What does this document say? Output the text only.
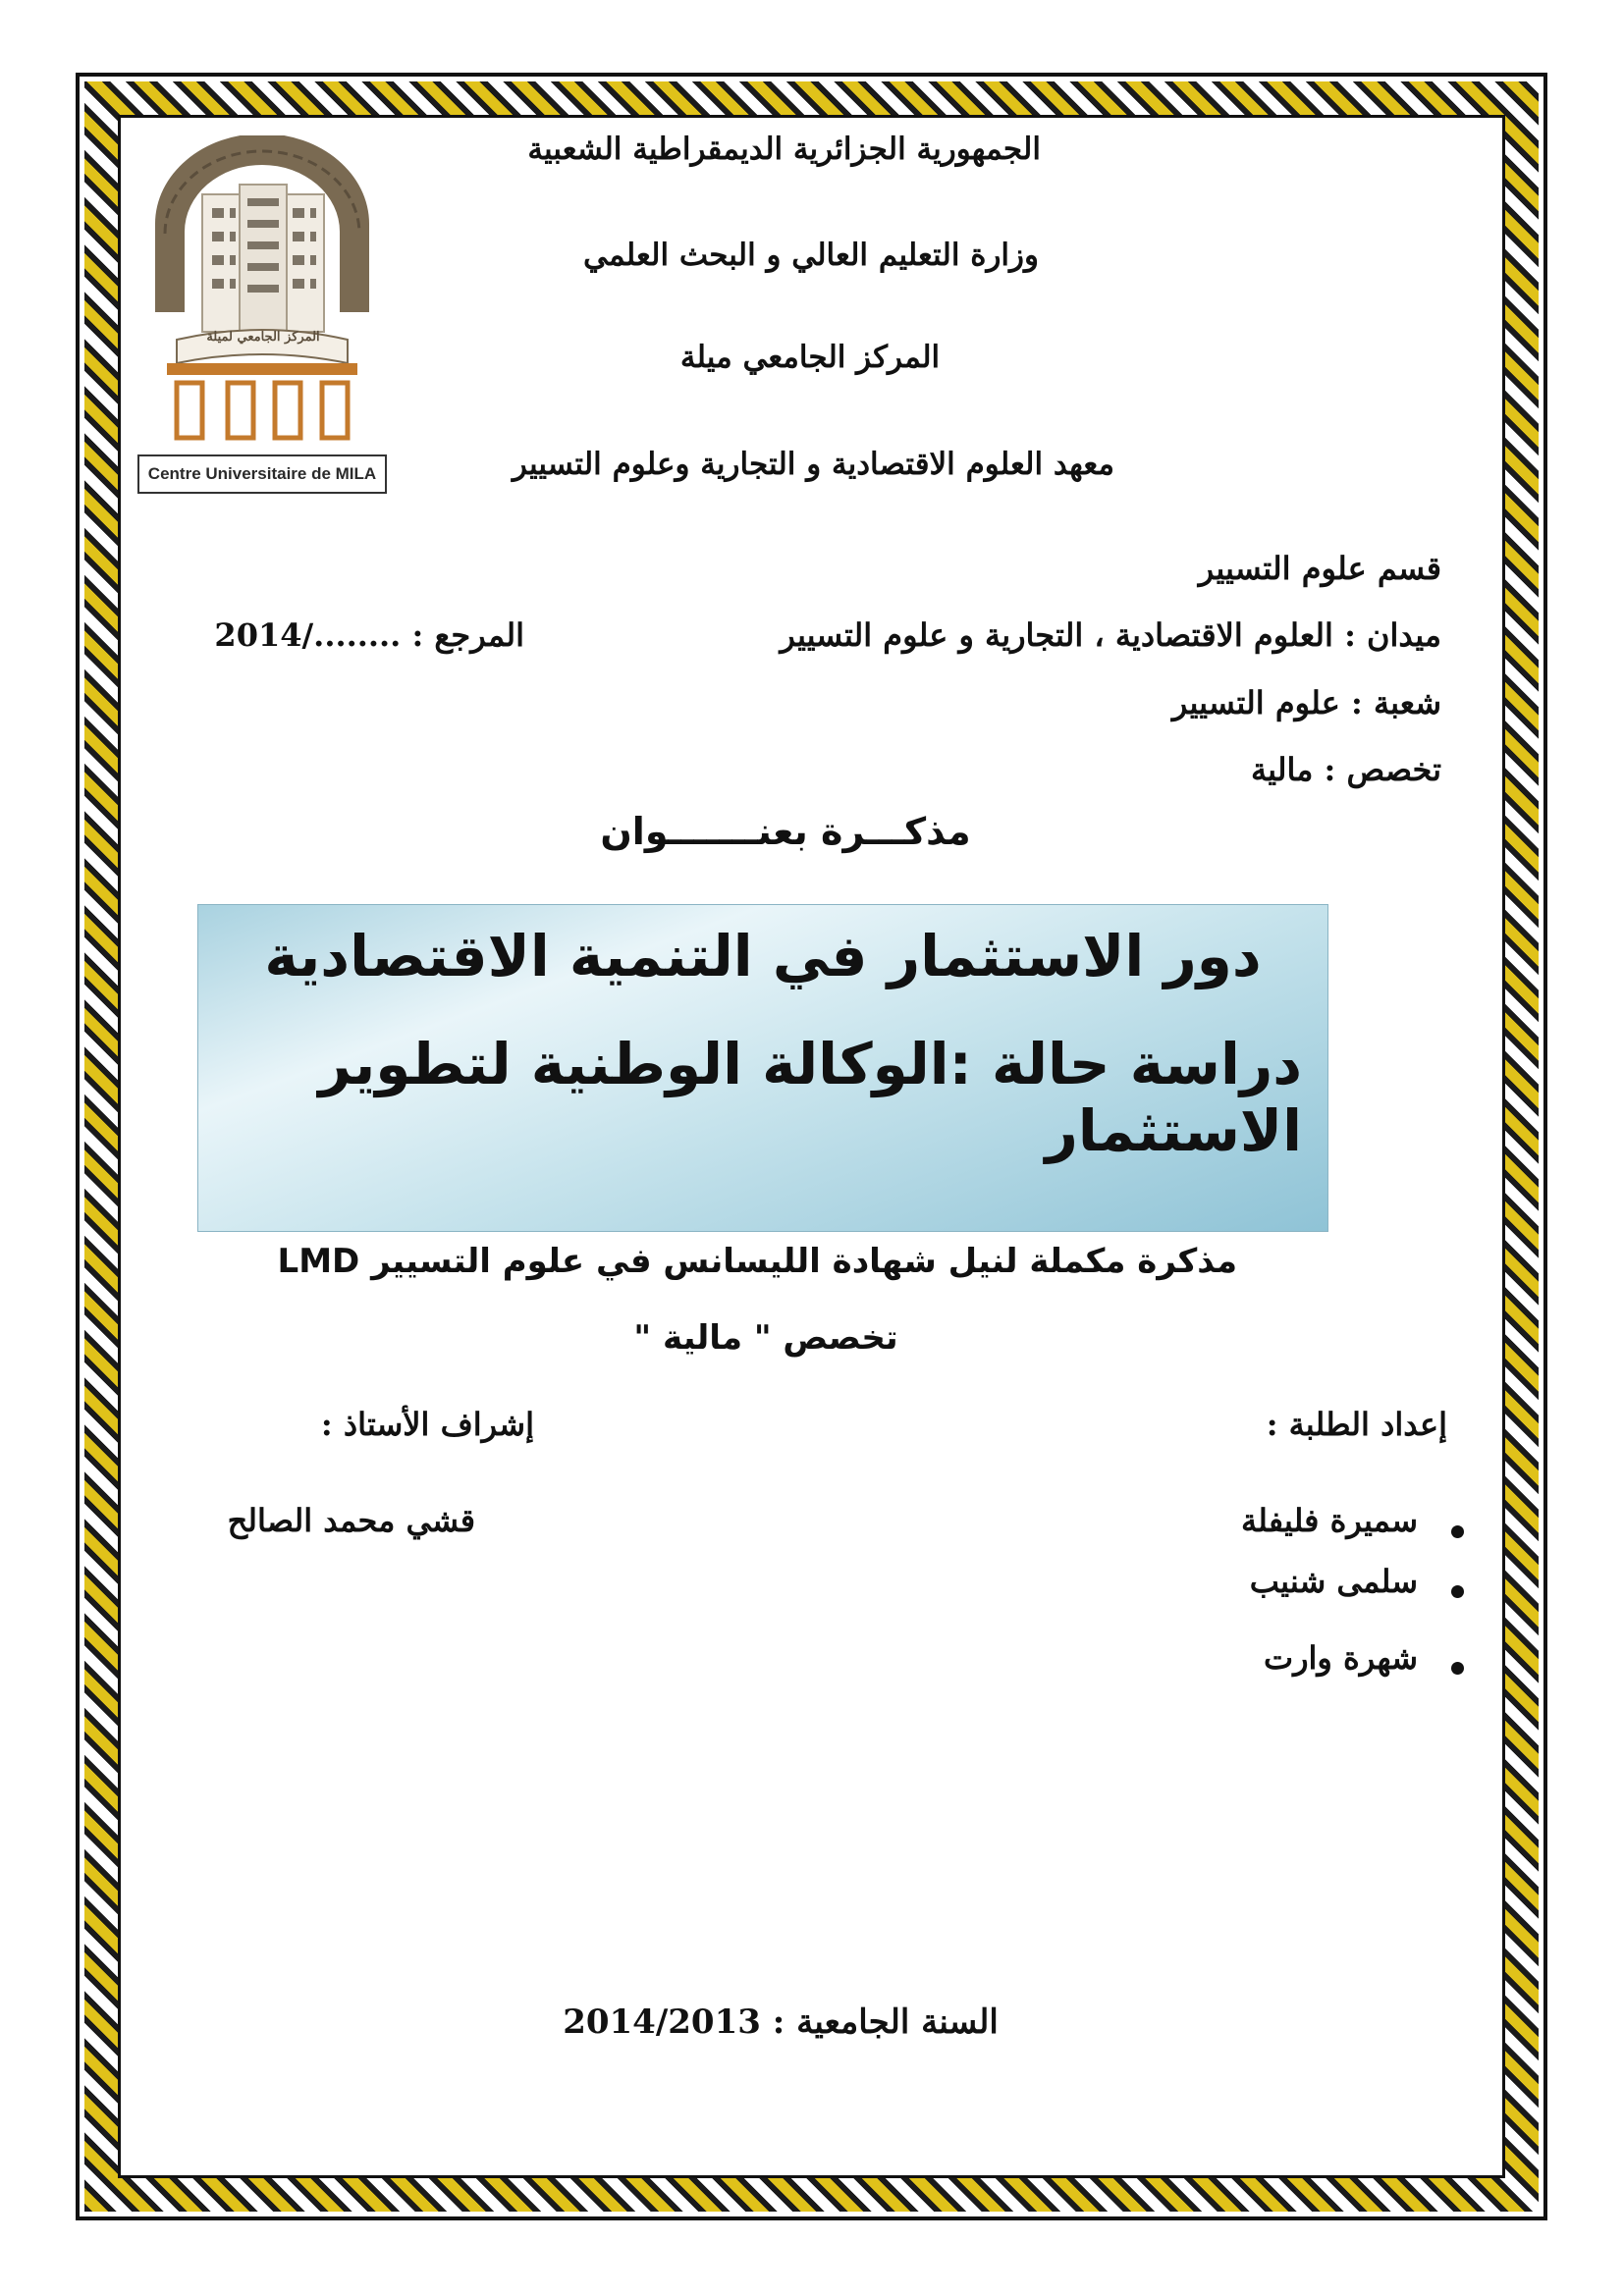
المركز الجامعي لميلة
Centre Universitaire de MILA
الجمهورية الجزائرية الديمقراطية الشعبية
وزارة التعليم العالي و البحث العلمي
المركز الجامعي ميلة
معهد العلوم الاقتصادية و التجارية وعلوم التسيير
قسم علوم التسيير
ميدان : العلوم الاقتصادية ، التجارية و علوم التسيير
المرجع : ......../2014
شعبة : علوم التسيير
تخصص : مالية
مذكـــرة بعنـــــــوان
دور الاستثمار في التنمية الاقتصادية
دراسة حالة :الوكالة الوطنية لتطوير الاستثمار
مذكرة مكملة لنيل شهادة الليسانس في علوم التسيير LMD
تخصص " مالية "
إعداد الطلبة :
سميرة فليفلة
سلمى شنيب
شهرة وارت
إشراف الأستاذ :
قشي محمد الصالح
السنة الجامعية : 2014/2013
